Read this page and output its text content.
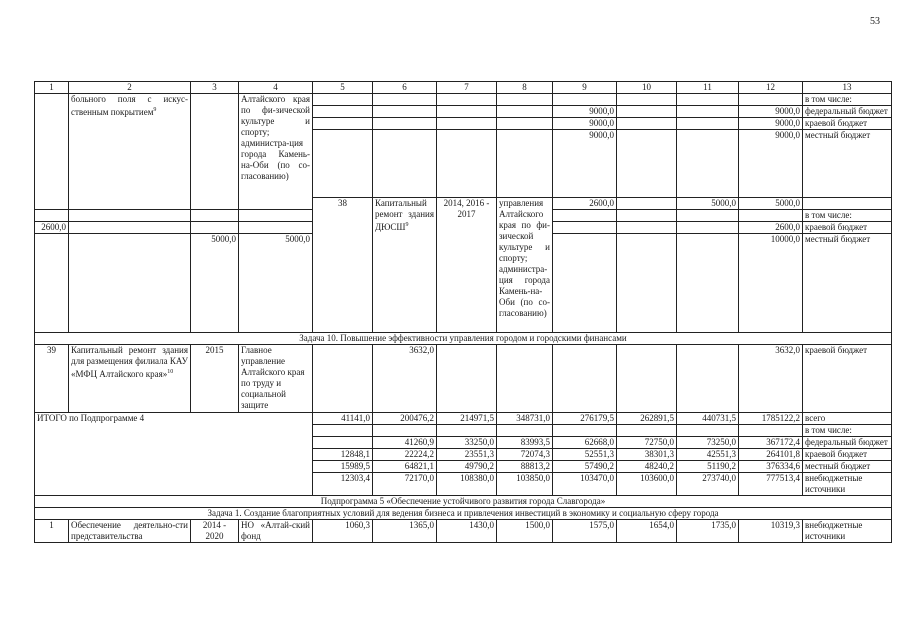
53
1	2	3	4	5	6	7	8	9	10	11	12	13	
	больного поля с искус-ственным покрытием$^9$		Алтайского края по фи-зической культуре и спорту; администра-ция города Камень-на-Оби (по со-гласованию)									в том числе:	
								9000,0			9000,0	федеральный бюджет	
								9000,0			9000,0	краевой бюджет	
								9000,0			9000,0	местный бюджет	
				38	Капитальный ремонт здания ДЮСШ$^9$	2014, 2016 - 2017	управления Алтайского края по фи-зической культуре и спорту; администра-ция города Камень-на-Оби (по со-гласованию)	2600,0		5000,0	5000,0					
												в том числе:	
2600,0											2600,0	краевой бюджет	
		5000,0	5000,0								10000,0	местный бюджет	
Задача 10. Повышение эффективности управления городом и городскими финансами													
39	Капитальный ремонт здания для размещения филиала КАУ «МФЦ Алтайского края»$^{10}$	2015	Главное управление Алтайского края по труду и социальной защите		3632,0						3632,0	краевой бюджет	
ИТОГО по Подпрограмме 4				41141,0	200476,2	214971,5	348731,0	276179,5	262891,5	440731,5	1785122,2	всего	
												в том числе:	
					41260,9	33250,0	83993,5	62668,0	72750,0	73250,0	367172,4	федеральный бюджет	
				12848,1	22224,2	23551,3	72074,3	52551,3	38301,3	42551,3	264101,8	краевой бюджет	
				15989,5	64821,1	49790,2	88813,2	57490,2	48240,2	51190,2	376334,6	местный бюджет	
				12303,4	72170,0	108380,0	103850,0	103470,0	103600,0	273740,0	777513,4	внебюджетные источники	
Подпрограмма 5 «Обеспечение устойчивого развития города Славгорода»													
Задача 1. Создание благоприятных условий для ведения бизнеса и привлечения инвестиций в экономику и социальную сферу города													
1	Обеспечение деятельно-сти представительства	2014 - 2020	НО «Алтай-ский фонд	1060,3	1365,0	1430,0	1500,0	1575,0	1654,0	1735,0	10319,3	внебюджетные источники	
